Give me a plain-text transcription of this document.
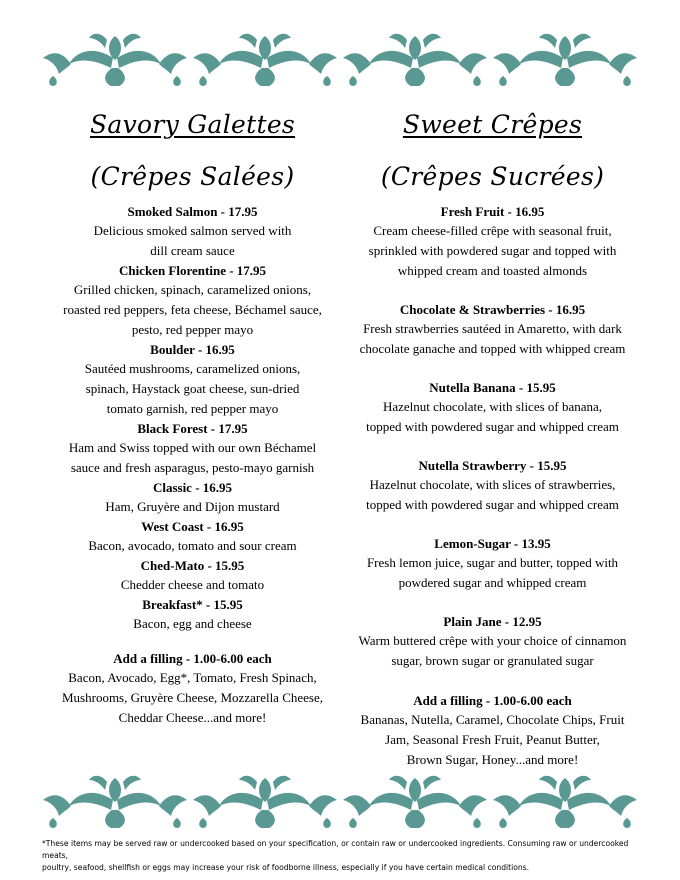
Savory Galettes
(Crêpes Salées)
Smoked Salmon - 17.95
Delicious smoked salmon served with
dill cream sauce
Chicken Florentine - 17.95
Grilled chicken, spinach, caramelized onions,
roasted red peppers, feta cheese, Béchamel sauce,
pesto, red pepper mayo
Boulder - 16.95
Sautéed mushrooms, caramelized onions,
spinach, Haystack goat cheese, sun-dried
tomato garnish, red pepper mayo
Black Forest - 17.95
Ham and Swiss topped with our own Béchamel
sauce and fresh asparagus, pesto-mayo garnish
Classic - 16.95
Ham, Gruyère and Dijon mustard
West Coast - 16.95
Bacon, avocado, tomato and sour cream
Ched-Mato - 15.95
Chedder cheese and tomato
Breakfast* - 15.95
Bacon, egg and cheese
Add a filling - 1.00-6.00 each
Bacon, Avocado, Egg*, Tomato, Fresh Spinach,
Mushrooms, Gruyère Cheese, Mozzarella Cheese,
Cheddar Cheese...and more!
Sweet Crêpes
(Crêpes Sucrées)
Fresh Fruit - 16.95
Cream cheese-filled crêpe with seasonal fruit,
sprinkled with powdered sugar and topped with
whipped cream and toasted almonds
Chocolate & Strawberries - 16.95
Fresh strawberries sautéed in Amaretto, with dark
chocolate ganache and topped with whipped cream
Nutella Banana - 15.95
Hazelnut chocolate, with slices of banana,
topped with powdered sugar and whipped cream
Nutella Strawberry - 15.95
Hazelnut chocolate, with slices of strawberries,
topped with powdered sugar and whipped cream
Lemon-Sugar - 13.95
Fresh lemon juice, sugar and butter, topped with
powdered sugar and whipped cream
Plain Jane - 12.95
Warm buttered crêpe with your choice of cinnamon
sugar, brown sugar or granulated sugar
Add a filling - 1.00-6.00 each
Bananas, Nutella, Caramel, Chocolate Chips, Fruit
Jam, Seasonal Fresh Fruit, Peanut Butter,
Brown Sugar, Honey...and more!
*These items may be served raw or undercooked based on your specification, or contain raw or undercooked ingredients. Consuming raw or undercooked meats,
poultry, seafood, shellfish or eggs may increase your risk of foodborne illness, especially if you have certain medical conditions.
